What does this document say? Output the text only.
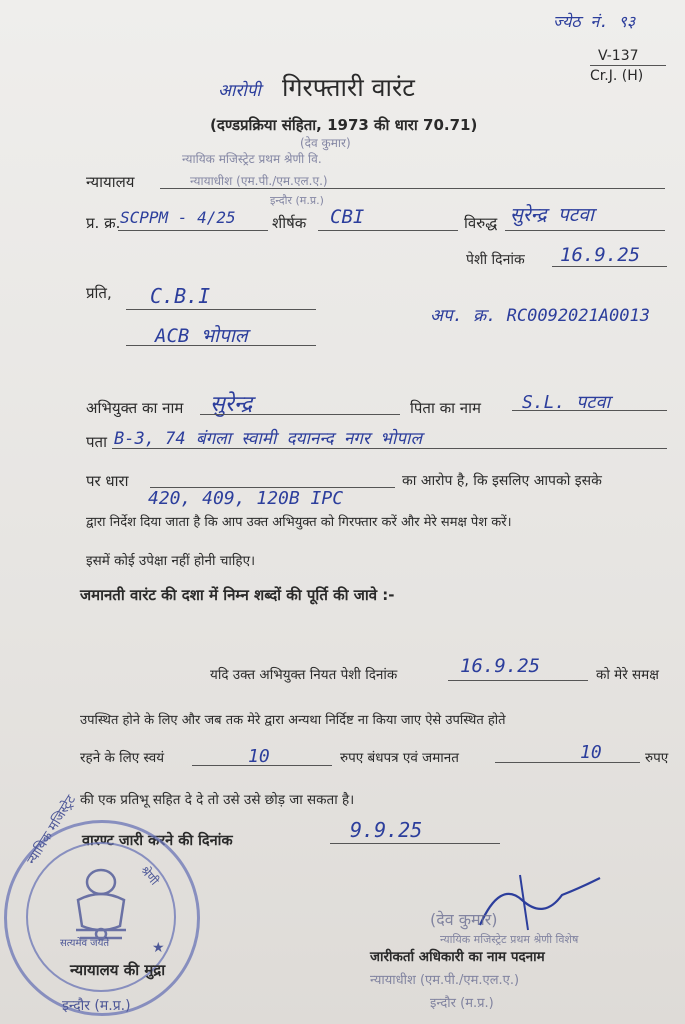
ज्येठ नं. ९३
V-137
Cr.J. (H)
आरोपी गिरफ्तारी वारंट
(दण्डप्रक्रिया संहिता, 1973 की धारा 70.71)
न्यायालय
(देव कुमार)
न्यायिक मजिस्ट्रेट प्रथम श्रेणी वि.
न्यायाधीश (एम.पी./एम.एल.ए.)
इन्दौर (म.प्र.)
प्र. क्र. SCPPM - 4/25 शीर्षक CBI	विरुद्ध सुरेन्द्र पटवा
पेशी दिनांक 16.9.25
प्रति, C.B.I
ACB भोपाल
अप. क्र. RC0092021A0013
अभियुक्त का नाम सुरेन्द्र	पिता का नाम S.L. पटवा
पता B-3, 74 बंगला स्वामी दयानन्द नगर भोपाल
पर धारा
420, 409, 120B IPC
का आरोप है, कि इसलिए आपको इसके
द्वारा निर्देश दिया जाता है कि आप उक्त अभियुक्त को गिरफ्तार करें और मेरे समक्ष पेश करें।
इसमें कोई उपेक्षा नहीं होनी चाहिए।
जमानती वारंट की दशा में निम्न शब्दों की पूर्ति की जावे :-
यदि उक्त अभियुक्त नियत पेशी दिनांक	16.9.25	को मेरे समक्ष
उपस्थित होने के लिए और जब तक मेरे द्वारा अन्यथा निर्दिष्ट ना किया जाए ऐसे उपस्थित होते
रहने के लिए स्वयं	10	रुपए बंधपत्र एवं जमानत	10	रुपए
की एक प्रतिभू सहित दे दे तो उसे उसे छोड़ जा सकता है।
वारण्ट जारी करने की दिनांक	9.9.25
सत्यमेव जयते
न्यायिक मजिस्ट्रेट
श्रेणी
★
इन्दौर (म.प्र.)
न्यायालय की मुद्रा
जारीकर्ता अधिकारी का नाम पदनाम
(देव कुमार)
न्यायिक मजिस्ट्रेट प्रथम श्रेणी विशेष
न्यायाधीश (एम.पी./एम.एल.ए.)
इन्दौर (म.प्र.)
